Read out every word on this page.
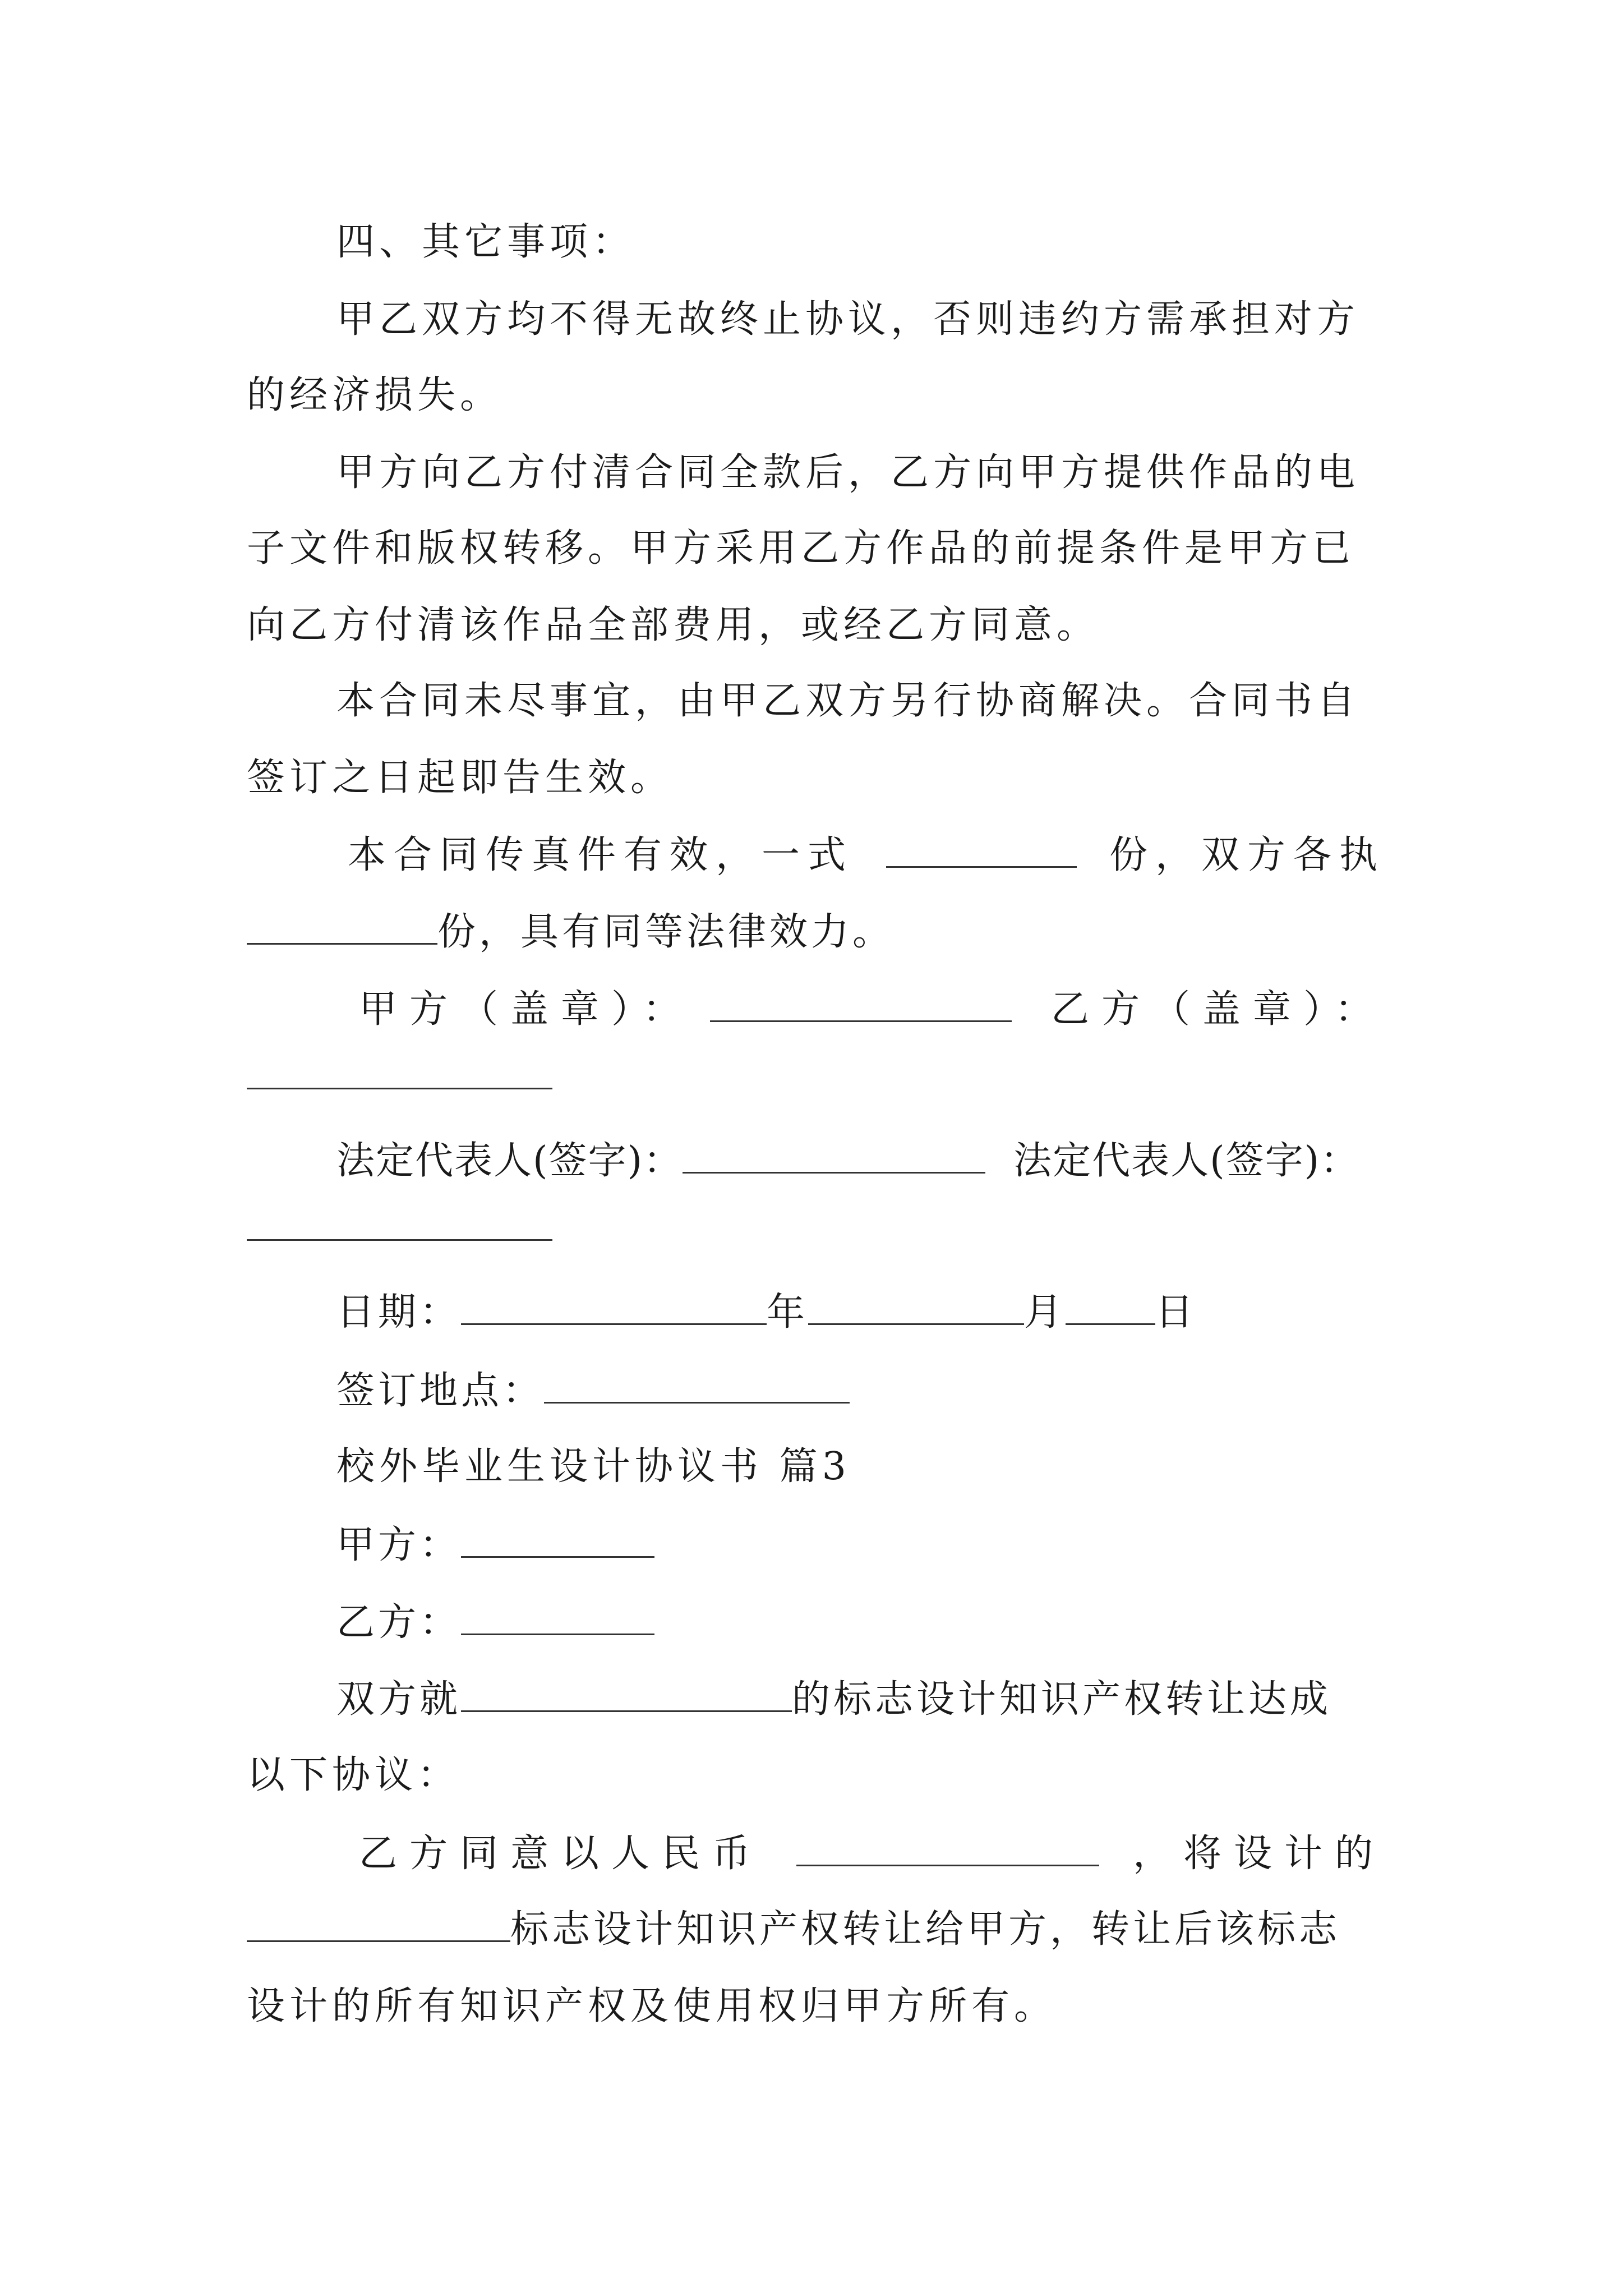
四、其它事项：
甲乙双方均不得无故终止协议，否则违约方需承担对方
的经济损失。
甲方向乙方付清合同全款后，乙方向甲方提供作品的电
子文件和版权转移。甲方采用乙方作品的前提条件是甲方已
向乙方付清该作品全部费用，或经乙方同意。
本合同未尽事宜，由甲乙双方另行协商解决。合同书自
签订之日起即告生效。
本合同传真件有效，一式	份，双方各执
份，具有同等法律效力。
甲方（盖章）：	乙方（盖章）：
法定代表人(签字)：	法定代表人(签字)：
日期：	年	月 日
签订地点：
校外毕业生设计协议书 篇3
甲方：
乙方：
双方就	的标志设计知识产权转让达成
以下协议：
乙方同意以人民币	，将设计的
标志设计知识产权转让给甲方，转让后该标志
设计的所有知识产权及使用权归甲方所有。
